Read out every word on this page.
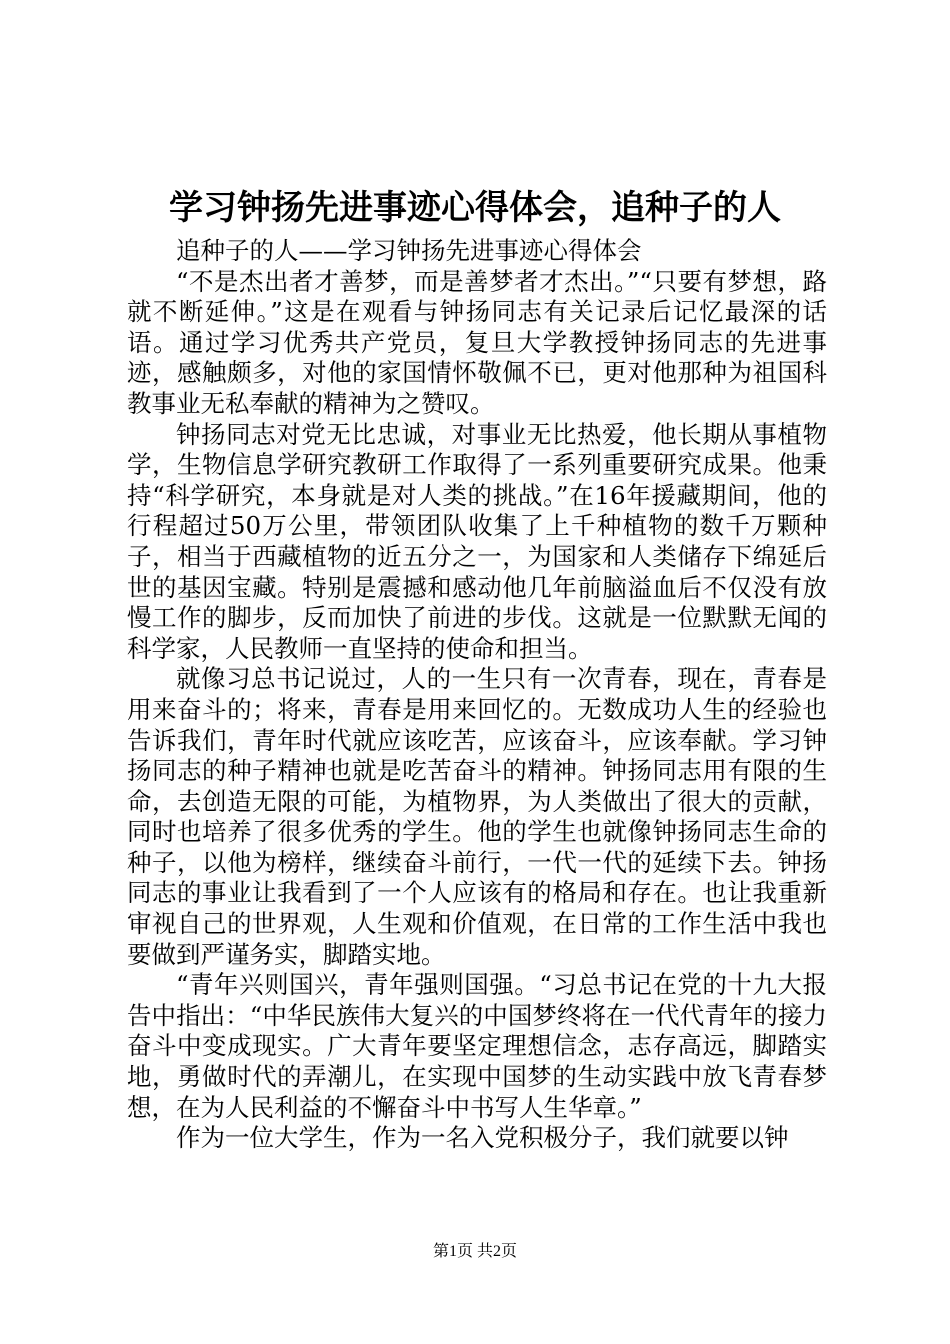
学习钟扬先进事迹心得体会，追种子的人

追种子的人——学习钟扬先进事迹心得体会

“不是杰出者才善梦，而是善梦者才杰出。”“只要有梦想，路就不断延伸。”这是在观看与钟扬同志有关记录后记忆最深的话语。通过学习优秀共产党员，复旦大学教授钟扬同志的先进事迹，感触颇多，对他的家国情怀敬佩不已，更对他那种为祖国科教事业无私奉献的精神为之赞叹。

钟扬同志对党无比忠诚，对事业无比热爱，他长期从事植物学，生物信息学研究教研工作取得了一系列重要研究成果。他秉持“科学研究，本身就是对人类的挑战。”在16年援藏期间，他的行程超过50万公里，带领团队收集了上千种植物的数千万颗种子，相当于西藏植物的近五分之一，为国家和人类储存下绵延后世的基因宝藏。特别是震撼和感动他几年前脑溢血后不仅没有放慢工作的脚步，反而加快了前进的步伐。这就是一位默默无闻的科学家，人民教师一直坚持的使命和担当。

就像习总书记说过，人的一生只有一次青春，现在，青春是用来奋斗的；将来，青春是用来回忆的。无数成功人生的经验也告诉我们，青年时代就应该吃苦，应该奋斗，应该奉献。学习钟扬同志的种子精神也就是吃苦奋斗的精神。钟扬同志用有限的生命，去创造无限的可能，为植物界，为人类做出了很大的贡献，同时也培养了很多优秀的学生。他的学生也就像钟扬同志生命的种子，以他为榜样，继续奋斗前行，一代一代的延续下去。钟扬同志的事业让我看到了一个人应该有的格局和存在。也让我重新审视自己的世界观，人生观和价值观，在日常的工作生活中我也要做到严谨务实，脚踏实地。

“青年兴则国兴，青年强则国强。“习总书记在党的十九大报告中指出：“中华民族伟大复兴的中国梦终将在一代代青年的接力奋斗中变成现实。广大青年要坚定理想信念，志存高远，脚踏实地，勇做时代的弄潮儿，在实现中国梦的生动实践中放飞青春梦想，在为人民利益的不懈奋斗中书写人生华章。”

作为一位大学生，作为一名入党积极分子，我们就要以钟

第1页 共2页
